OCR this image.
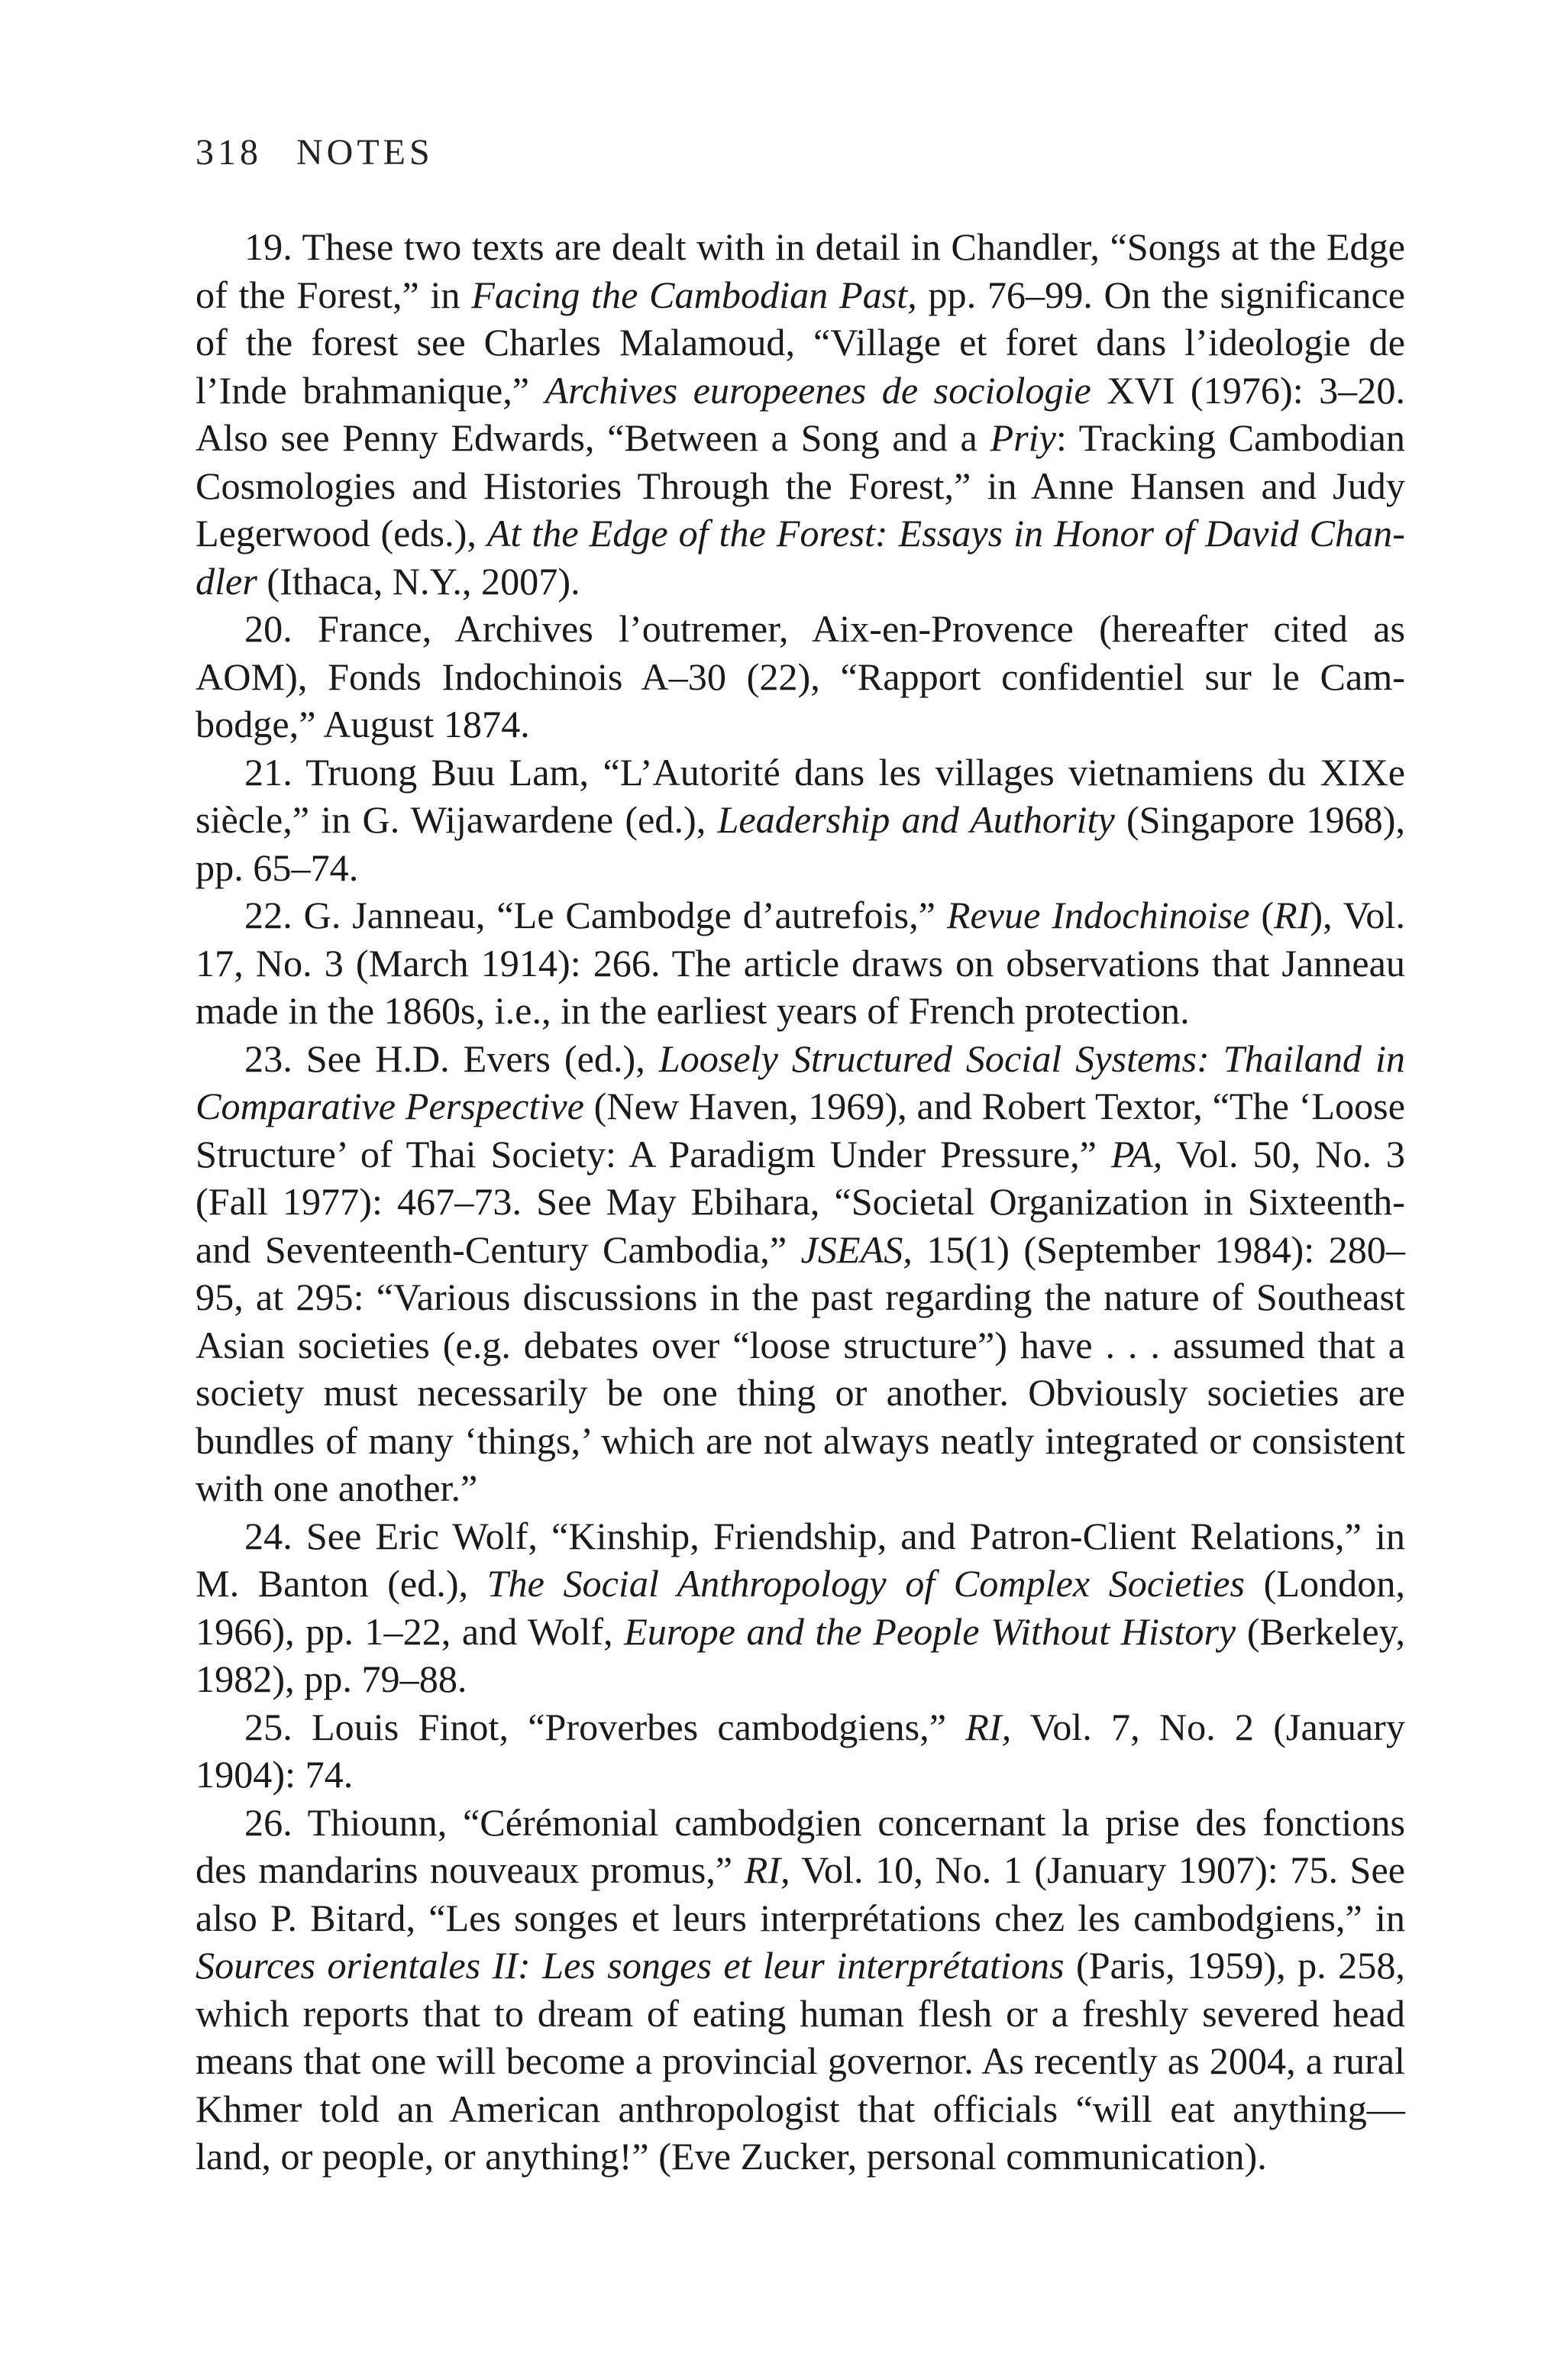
318 NOTES

19. These two texts are dealt with in detail in Chandler, “Songs at the Edge of the Forest,” in Facing the Cambodian Past, pp. 76–99. On the significance of the forest see Charles Malamoud, “Village et foret dans l’ideologie de l’Inde brahmanique,” Archives europeenes de sociologie XVI (1976): 3–20. Also see Penny Edwards, “Between a Song and a Priy: Tracking Cambodian Cosmologies and Histories Through the Forest,” in Anne Hansen and Judy Legerwood (eds.), At the Edge of the Forest: Essays in Honor of David Chandler (Ithaca, N.Y., 2007).

20. France, Archives l’outremer, Aix-en-Provence (hereafter cited as AOM), Fonds Indochinois A–30 (22), “Rapport confidentiel sur le Cambodge,” August 1874.

21. Truong Buu Lam, “L’Autorité dans les villages vietnamiens du XIXe siècle,” in G. Wijawardene (ed.), Leadership and Authority (Singapore 1968), pp. 65–74.

22. G. Janneau, “Le Cambodge d’autrefois,” Revue Indochinoise (RI), Vol. 17, No. 3 (March 1914): 266. The article draws on observations that Janneau made in the 1860s, i.e., in the earliest years of French protection.

23. See H.D. Evers (ed.), Loosely Structured Social Systems: Thailand in Comparative Perspective (New Haven, 1969), and Robert Textor, “The ‘Loose Structure’ of Thai Society: A Paradigm Under Pressure,” PA, Vol. 50, No. 3 (Fall 1977): 467–73. See May Ebihara, “Societal Organization in Sixteenth- and Seventeenth-Century Cambodia,” JSEAS, 15(1) (September 1984): 280–95, at 295: “Various discussions in the past regarding the nature of Southeast Asian societies (e.g. debates over “loose structure”) have . . . assumed that a society must necessarily be one thing or another. Obviously societies are bundles of many ‘things,’ which are not always neatly integrated or consistent with one another.”

24. See Eric Wolf, “Kinship, Friendship, and Patron-Client Relations,” in M. Banton (ed.), The Social Anthropology of Complex Societies (London, 1966), pp. 1–22, and Wolf, Europe and the People Without History (Berkeley, 1982), pp. 79–88.

25. Louis Finot, “Proverbes cambodgiens,” RI, Vol. 7, No. 2 (January 1904): 74.

26. Thiounn, “Cérémonial cambodgien concernant la prise des fonctions des mandarins nouveaux promus,” RI, Vol. 10, No. 1 (January 1907): 75. See also P. Bitard, “Les songes et leurs interprétations chez les cambodgiens,” in Sources orientales II: Les songes et leur interprétations (Paris, 1959), p. 258, which reports that to dream of eating human flesh or a freshly severed head means that one will become a provincial governor. As recently as 2004, a rural Khmer told an American anthropologist that officials “will eat anything—land, or people, or anything!” (Eve Zucker, personal communication).
